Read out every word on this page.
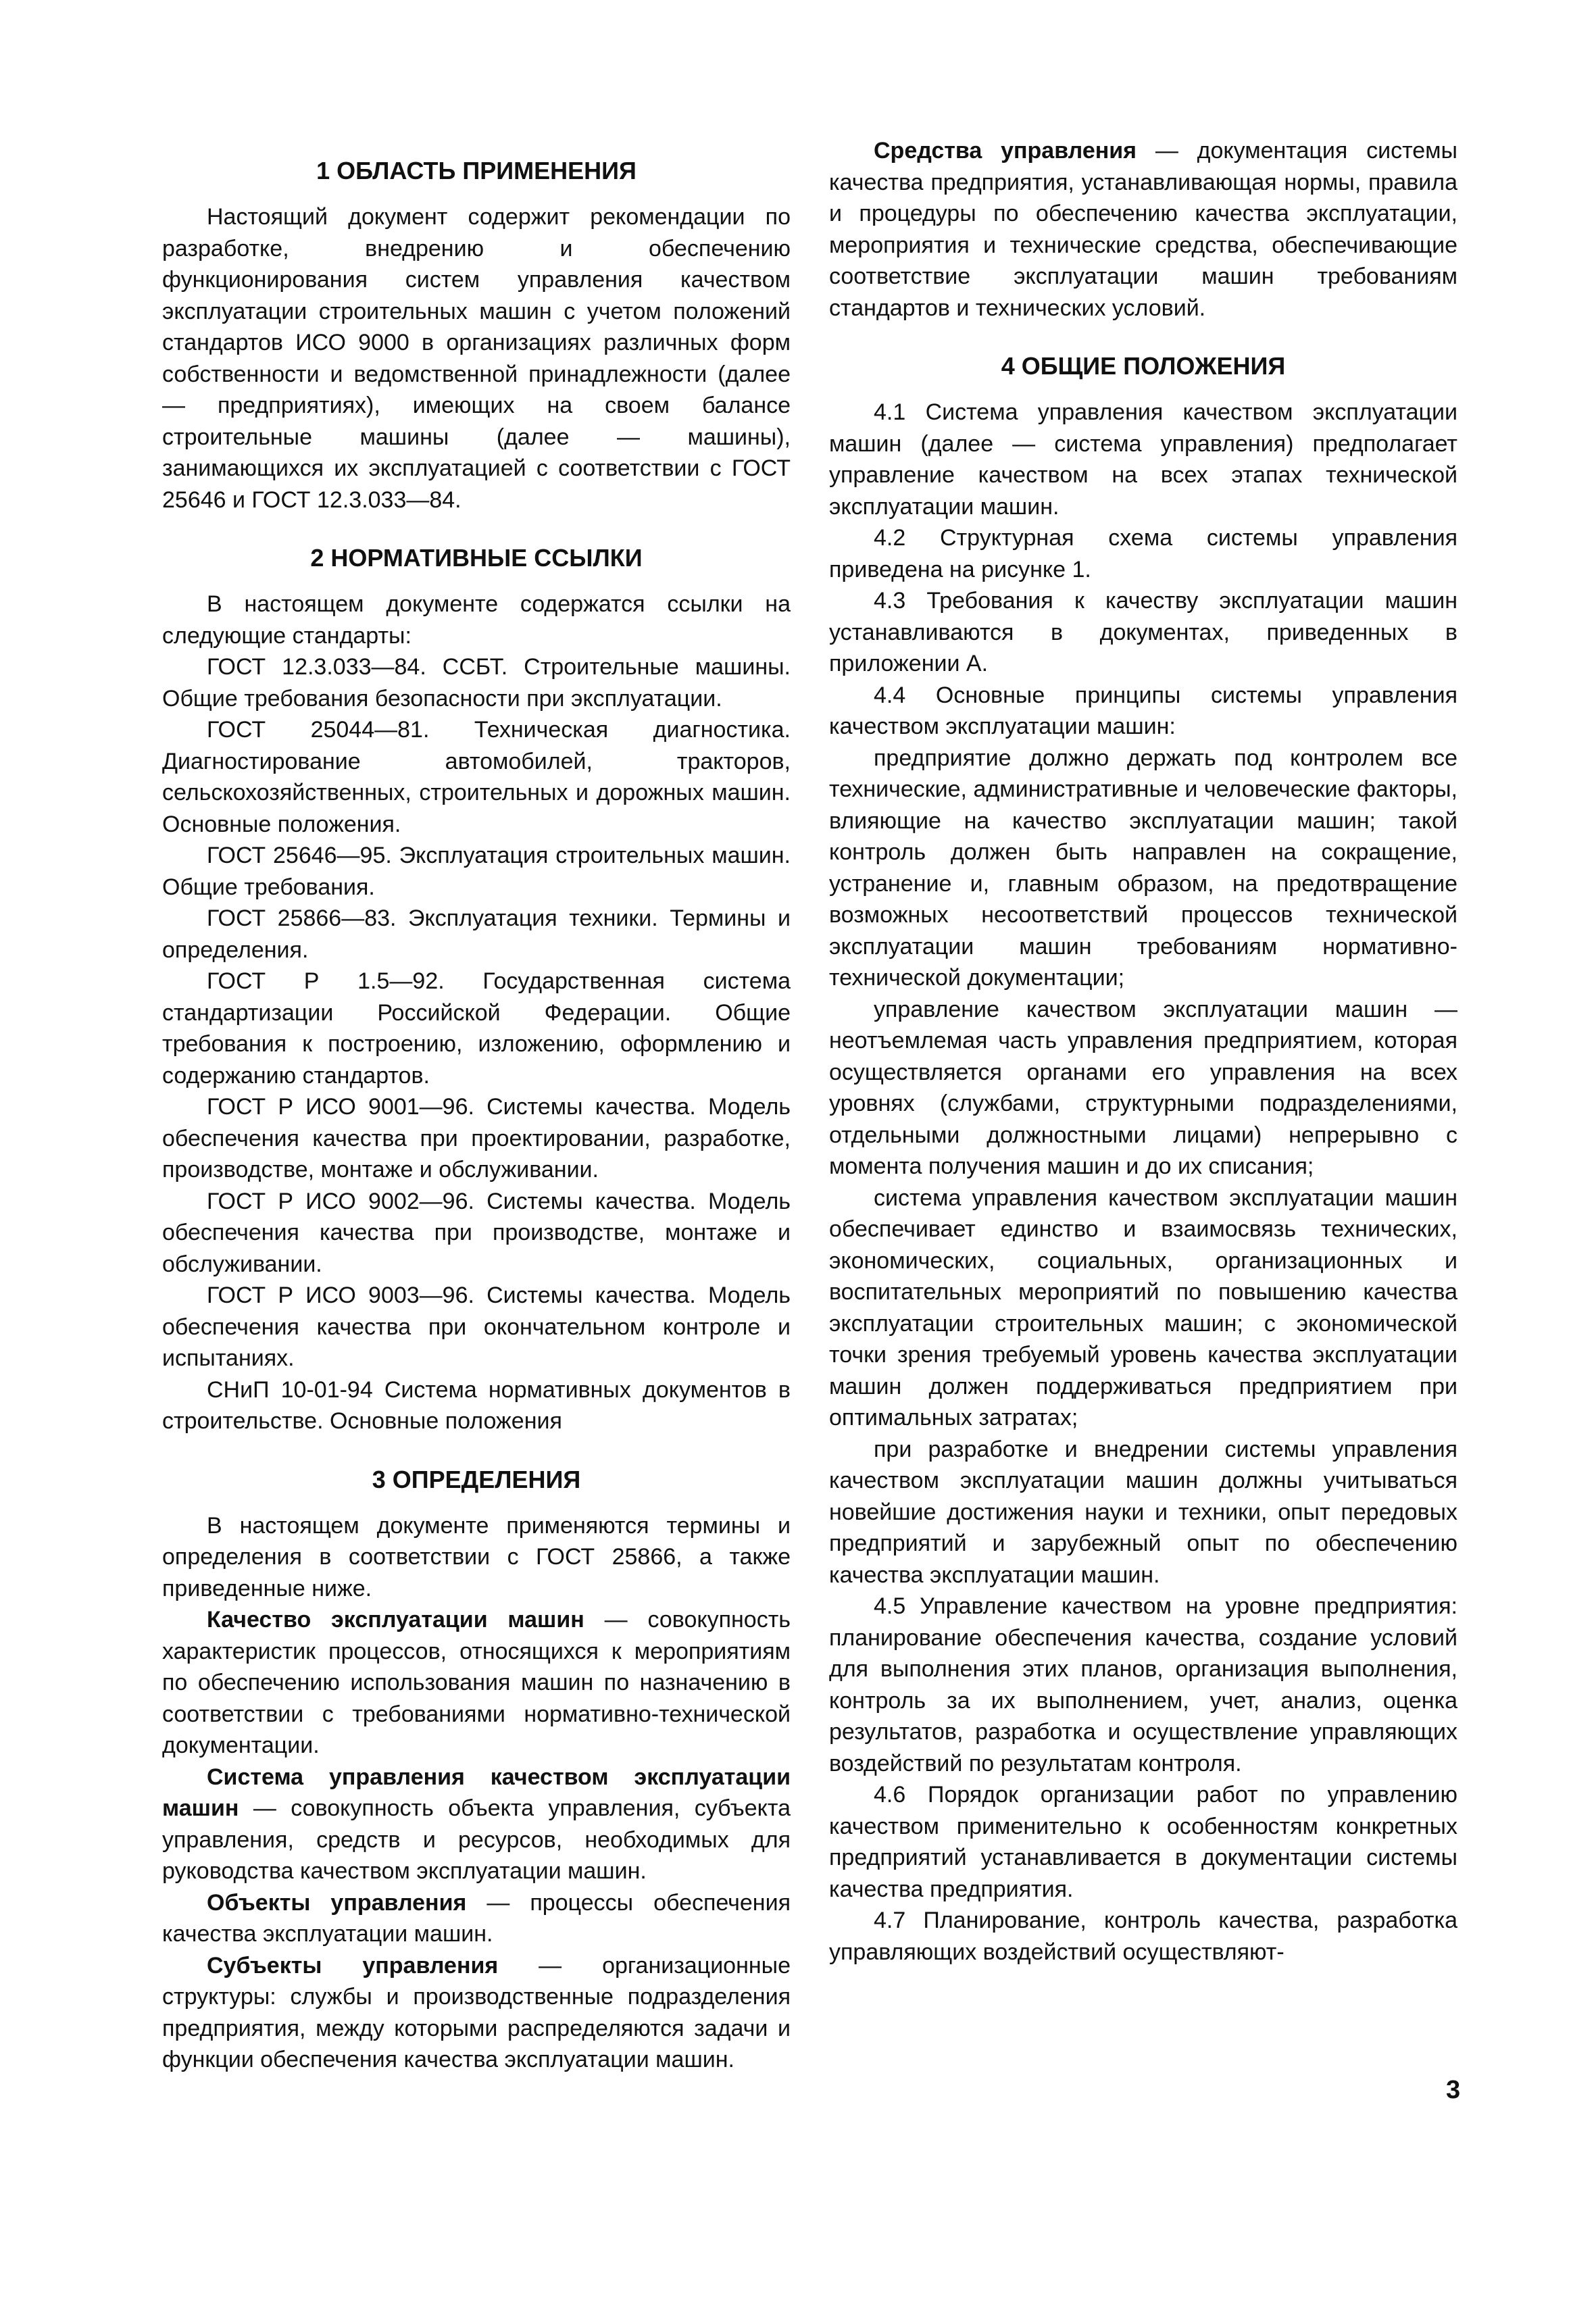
1 ОБЛАСТЬ ПРИМЕНЕНИЯ

Настоящий документ содержит рекомендации по разработке, внедрению и обеспечению функционирования систем управления качеством эксплуатации строительных машин с учетом положений стандартов ИСО 9000 в организациях различных форм собственности и ведомственной принадлежности (далее — предприятиях), имеющих на своем балансе строительные машины (далее — машины), занимающихся их эксплуатацией с соответствии с ГОСТ 25646 и ГОСТ 12.3.033—84.

2 НОРМАТИВНЫЕ ССЫЛКИ

В настоящем документе содержатся ссылки на следующие стандарты:

ГОСТ 12.3.033—84. ССБТ. Строительные машины. Общие требования безопасности при эксплуатации.

ГОСТ 25044—81. Техническая диагностика. Диагностирование автомобилей, тракторов, сельскохозяйственных, строительных и дорожных машин. Основные положения.

ГОСТ 25646—95. Эксплуатация строительных машин. Общие требования.

ГОСТ 25866—83. Эксплуатация техники. Термины и определения.

ГОСТ Р 1.5—92. Государственная система стандартизации Российской Федерации. Общие требования к построению, изложению, оформлению и содержанию стандартов.

ГОСТ Р ИСО 9001—96. Системы качества. Модель обеспечения качества при проектировании, разработке, производстве, монтаже и обслуживании.

ГОСТ Р ИСО 9002—96. Системы качества. Модель обеспечения качества при производстве, монтаже и обслуживании.

ГОСТ Р ИСО 9003—96. Системы качества. Модель обеспечения качества при окончательном контроле и испытаниях.

СНиП 10-01-94 Система нормативных документов в строительстве. Основные положения

3 ОПРЕДЕЛЕНИЯ

В настоящем документе применяются термины и определения в соответствии с ГОСТ 25866, а также приведенные ниже.

Качество эксплуатации машин — совокупность характеристик процессов, относящихся к мероприятиям по обеспечению использования машин по назначению в соответствии с требованиями нормативно-технической документации.

Система управления качеством эксплуатации машин — совокупность объекта управления, субъекта управления, средств и ресурсов, необходимых для руководства качеством эксплуатации машин.

Объекты управления — процессы обеспечения качества эксплуатации машин.

Субъекты управления — организационные структуры: службы и производственные подразделения предприятия, между которыми распределяются задачи и функции обеспечения качества эксплуатации машин.

Средства управления — документация системы качества предприятия, устанавливающая нормы, правила и процедуры по обеспечению качества эксплуатации, мероприятия и технические средства, обеспечивающие соответствие эксплуатации машин требованиям стандартов и технических условий.

4 ОБЩИЕ ПОЛОЖЕНИЯ

4.1 Система управления качеством эксплуатации машин (далее — система управления) предполагает управление качеством на всех этапах технической эксплуатации машин.

4.2 Структурная схема системы управления приведена на рисунке 1.

4.3 Требования к качеству эксплуатации машин устанавливаются в документах, приведенных в приложении А.

4.4 Основные принципы системы управления качеством эксплуатации машин:

предприятие должно держать под контролем все технические, административные и человеческие факторы, влияющие на качество эксплуатации машин; такой контроль должен быть направлен на сокращение, устранение и, главным образом, на предотвращение возможных несоответствий процессов технической эксплуатации машин требованиям нормативно-технической документации;

управление качеством эксплуатации машин — неотъемлемая часть управления предприятием, которая осуществляется органами его управления на всех уровнях (службами, структурными подразделениями, отдельными должностными лицами) непрерывно с момента получения машин и до их списания;

система управления качеством эксплуатации машин обеспечивает единство и взаимосвязь технических, экономических, социальных, организационных и воспитательных мероприятий по повышению качества эксплуатации строительных машин; с экономической точки зрения требуемый уровень качества эксплуатации машин должен поддерживаться предприятием при оптимальных затратах;

при разработке и внедрении системы управления качеством эксплуатации машин должны учитываться новейшие достижения науки и техники, опыт передовых предприятий и зарубежный опыт по обеспечению качества эксплуатации машин.

4.5 Управление качеством на уровне предприятия: планирование обеспечения качества, создание условий для выполнения этих планов, организация выполнения, контроль за их выполнением, учет, анализ, оценка результатов, разработка и осуществление управляющих воздействий по результатам контроля.

4.6 Порядок организации работ по управлению качеством применительно к особенностям конкретных предприятий устанавливается в документации системы качества предприятия.

4.7 Планирование, контроль качества, разработка управляющих воздействий осуществляют-

3
